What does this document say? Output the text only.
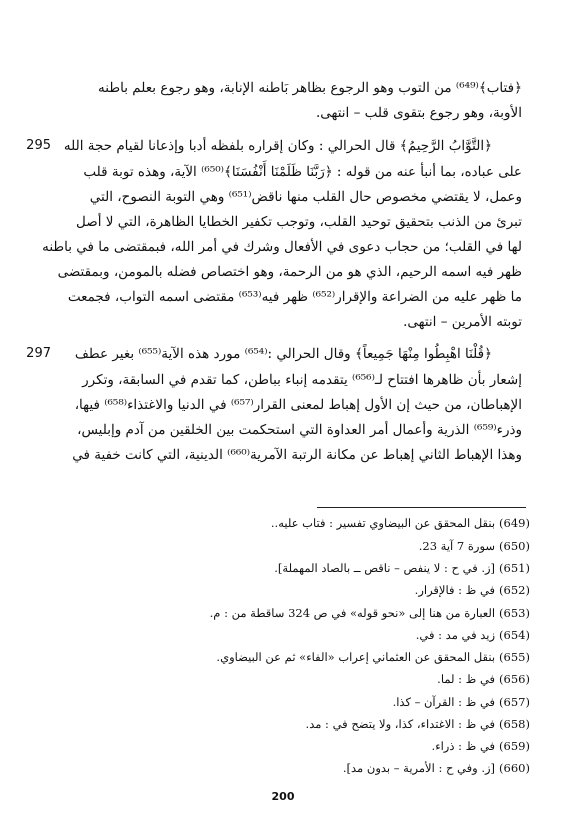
﴿فتاب﴾⁽⁶⁴⁹⁾ من التوب وهو الرجوع بظاهر بَاطنه الإنابة، وهو رجوع بعلم باطنه
الأوبة، وهو رجوع بتقوى قلب – انتهى.
295 ﴿التَّوَّابُ الرَّحِيمُ﴾ قال الحرالي : وكان إقراره بلفظه أدبا وإذعانا لقيام حجة الله
على عباده، بما أنبأ عنه من قوله : ﴿رَبَّنَا ظَلَمْنَا أَنْفُسَنَا﴾⁽⁶⁵⁰⁾ الآية، وهذه توبة قلب
وعمل، لا يقتضي مخصوص حال القلب منها ناقض⁽⁶⁵¹⁾ وهي التوبة النصوح، التي
تبرئ من الذنب بتحقيق توحيد القلب، وتوجب تكفير الخطايا الظاهرة، التي لا أصل
لها في القلب؛ من حجاب دعوى في الأفعال وشرك في أمر الله، فبمقتضى ما في باطنه
ظهر فيه اسمه الرحيم، الذي هو من الرحمة، وهو اختصاص فضله بالمومن، وبمقتضى
ما ظهر عليه من الضراعة والإقرار⁽⁶⁵²⁾ ظهر فيه⁽⁶⁵³⁾ مقتضى اسمه التواب، فجمعت
توبته الأمرين – انتهى.
297	﴿قُلْنَا اهْبِطُوا مِنْهَا جَمِيعاً﴾ وقال الحرالي :⁽⁶⁵⁴⁾ مورد هذه الآية⁽⁶⁵⁵⁾ بغير عطف
إشعار بأن ظاهرها افتتاح لـ⁽⁶⁵⁶⁾ يتقدمه إنباء بباطن، كما تقدم في السابقة، وتكرر
الإهباطان، من حيث إن الأول إهباط لمعنى القرار⁽⁶⁵⁷⁾ في الدنيا والاغتذاء⁽⁶⁵⁸⁾ فيها،
وذرء⁽⁶⁵⁹⁾ الذرية وأعمال أمر العداوة التي استحكمت بين الخلقين من آدم وإبليس،
وهذا الإهباط الثاني إهباط عن مكانة الرتبة الآمرية⁽⁶⁶⁰⁾ الدينية، التي كانت خفية في
(649)بنقل المحقق عن البيضاوي تفسير : فتاب عليه..
(650)سورة 7 آية 23.
(651)[ز. في ح : لا ينفص – ناقص ــ بالصاد المهملة].
(652)في ظ : فالإقرار.
(653)العبارة من هنا إلى «نحو قوله» في ص 324 ساقطة من : م.
(654)زيد في مد : في.
(655)بنقل المحقق عن العثماني إعراب «الفاء» ثم عن البيضاوي.
(656)في ظ : لما.
(657)في ظ : القرآن – كذا.
(658)في ظ : الاغتداء، كذا، ولا يتضح في : مد.
(659)في ظ : ذراء.
(660)[ز. وفي ح : الأمرية – بدون مد].
200
